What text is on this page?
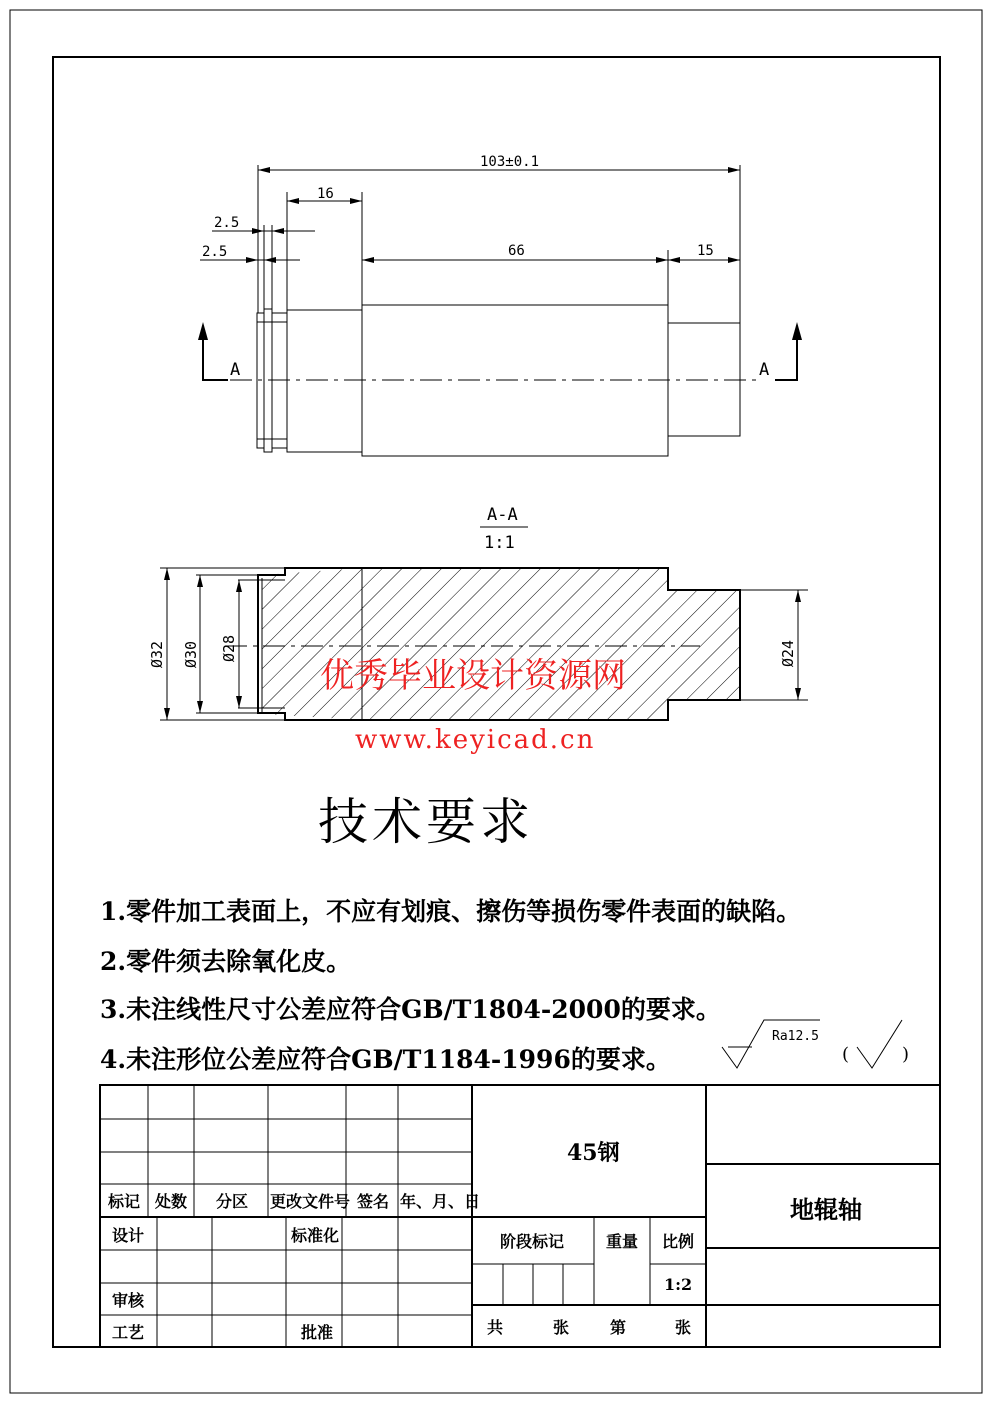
103±0.1
16
2.5
2.5	66	15
A	A
A-A
1:1
Ø32 Ø30 Ø28	Ø24
Ra12.5
(	)
标记 处数 分区 更改文件号 签名 年、月、日
设计	标准化
审核
工艺	批准
45钢
阶段标记	重量 比例
1:2
共	张	第	张
地辊轴
优秀毕业设计资源网
www.keyicad.cn
技术要求
1.零件加工表面上，不应有划痕、擦伤等损伤零件表面的缺陷。
2.零件须去除氧化皮。
3.未注线性尺寸公差应符合GB/T1804-2000的要求。
4.未注形位公差应符合GB/T1184-1996的要求。
